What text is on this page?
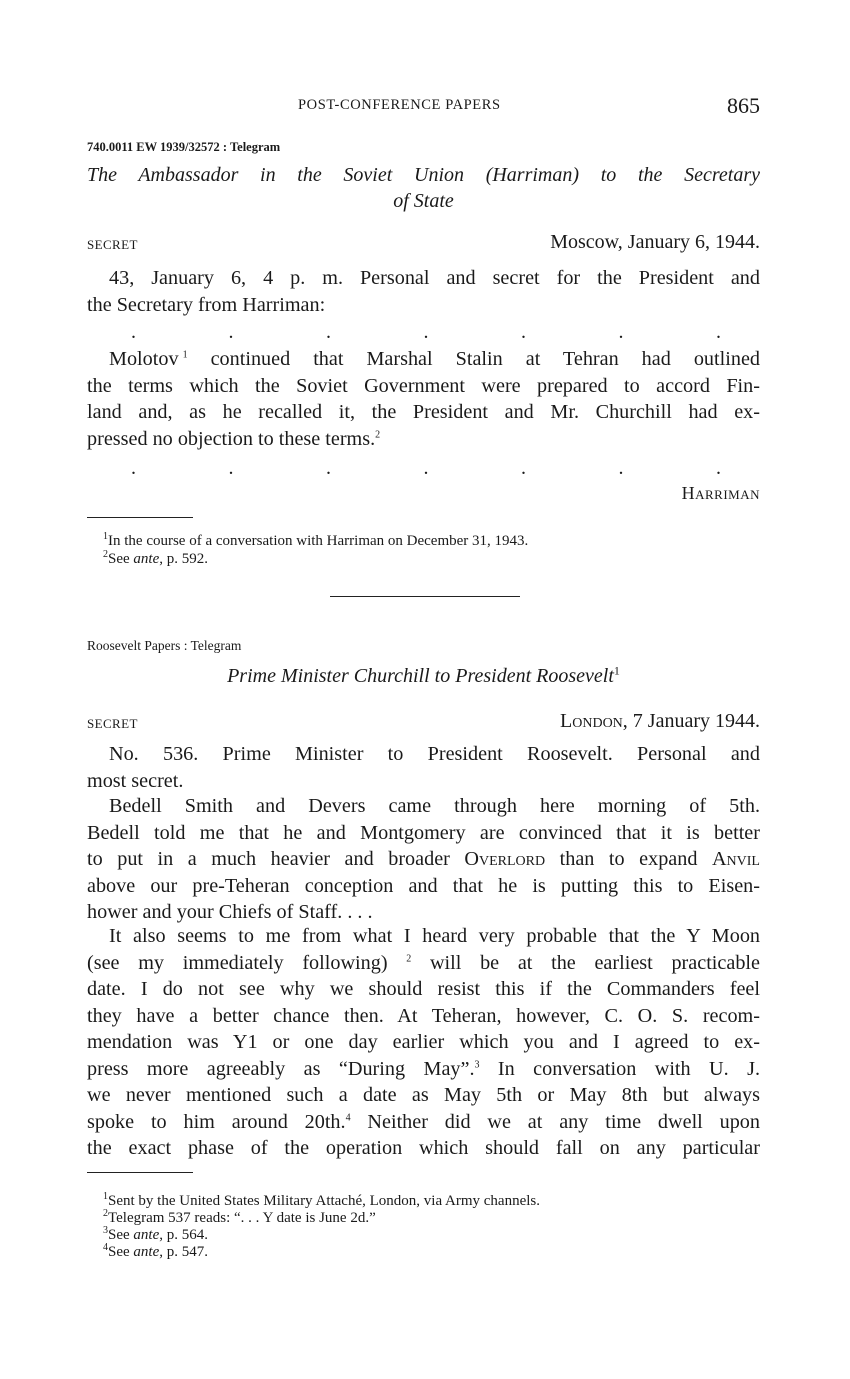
POST-CONFERENCE PAPERS	865
740.0011 EW 1939/32572 : Telegram
The Ambassador in the Soviet Union (Harriman) to the Secretary
of State
SECRET	Moscow, January 6, 1944.
43, January 6, 4 p. m. Personal and secret for the President and
the Secretary from Harriman:
.	.	.	.	.	.	.
Molotov  $^1$ continued that Marshal Stalin at Tehran had outlined
the terms which the Soviet Government were prepared to accord Fin-
land and, as he recalled it, the President and Mr. Churchill had ex-
pressed no objection to these terms.$^2$
.	.	.	.	.	.	.
Harriman
$^1$In the course of a conversation with Harriman on December 31, 1943.
$^2$See ante, p. 592.
Roosevelt Papers : Telegram
Prime Minister Churchill to President Roosevelt$^1$
SECRET	London, 7 January 1944.
No. 536. Prime Minister to President Roosevelt. Personal and
most secret.
Bedell Smith and Devers came through here morning of 5th.
Bedell told me that he and Montgomery are convinced that it is better
to put in a much heavier and broader Overlord than to expand Anvil
above our pre-Teheran conception and that he is putting this to Eisen-
hower and your Chiefs of Staff. . . .
It also seems to me from what I heard very probable that the Y Moon
(see my immediately following) $^2$ will be at the earliest practicable
date. I do not see why we should resist this if the Commanders feel
they have a better chance then. At Teheran, however, C. O. S. recom-
mendation was Y1 or one day earlier which you and I agreed to ex-
press more agreeably as “During May”.$^3$ In conversation with U. J.
we never mentioned such a date as May 5th or May 8th but always
spoke to him around 20th.$^4$ Neither did we at any time dwell upon
the exact phase of the operation which should fall on any particular
$^1$Sent by the United States Military Attaché, London, via Army channels.
$^2$Telegram 537 reads: “. . . Y date is June 2d.”
$^3$See ante, p. 564.
$^4$See ante, p. 547.
